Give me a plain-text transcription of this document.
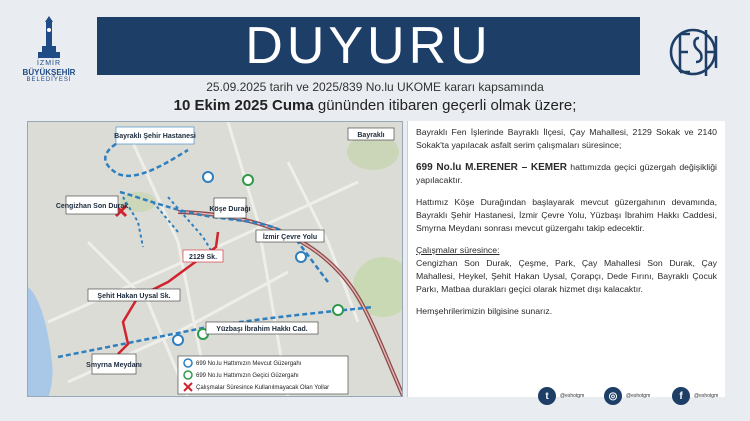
İZMİR
BÜYÜKŞEHİR
BELEDİYESİ
DUYURU
25.09.2025 tarih ve 2025/839 No.lu UKOME kararı kapsamında
10 Ekim 2025 Cuma gününden itibaren geçerli olmak üzere;
Bayraklı
Bayraklı Şehir Hastanesi
Cengizhan Son Durak	Köşe Durağı
2129 Sk.
İzmir Çevre Yolu
Şehit Hakan Uysal Sk.
Yüzbaşı İbrahim Hakkı Cad.
Smyrna Meydanı	699 No.lu Hattımızın Mevcut Güzergahı
699 No.lu Hattımızın Geçici Güzergahı
Çalışmalar Süresince Kullanılmayacak Olan Yollar

Bayraklı Fen İşlerinde Bayraklı İlçesi, Çay Mahallesi, 2129 Sokak ve 2140 Sokak'ta yapılacak asfalt serim çalışmaları süresince;

699 No.lu M.ERENER – KEMER hattımızda geçici güzergah değişikliği yapılacaktır.

Hattımız Köşe Durağından başlayarak mevcut güzergahının devamında, Bayraklı Şehir Hastanesi, İzmir Çevre Yolu, Yüzbaşı İbrahim Hakkı Caddesi, Smyrna Meydanı sonrası mevcut güzergahı takip edecektir.

Çalışmalar süresince:

Cengizhan Son Durak, Çeşme, Park, Çay Mahallesi Son Durak, Çay Mahallesi, Heykel, Şehit Hakan Uysal, Çorapçı, Dede Fırını, Bayraklı Çocuk Parkı, Matbaa durakları geçici olarak hizmet dışı kalacaktır.

Hemşehrilerimizin bilgisine sunarız.

t	@eshotgm	◎	@eshotgm	f	@eshotgm
